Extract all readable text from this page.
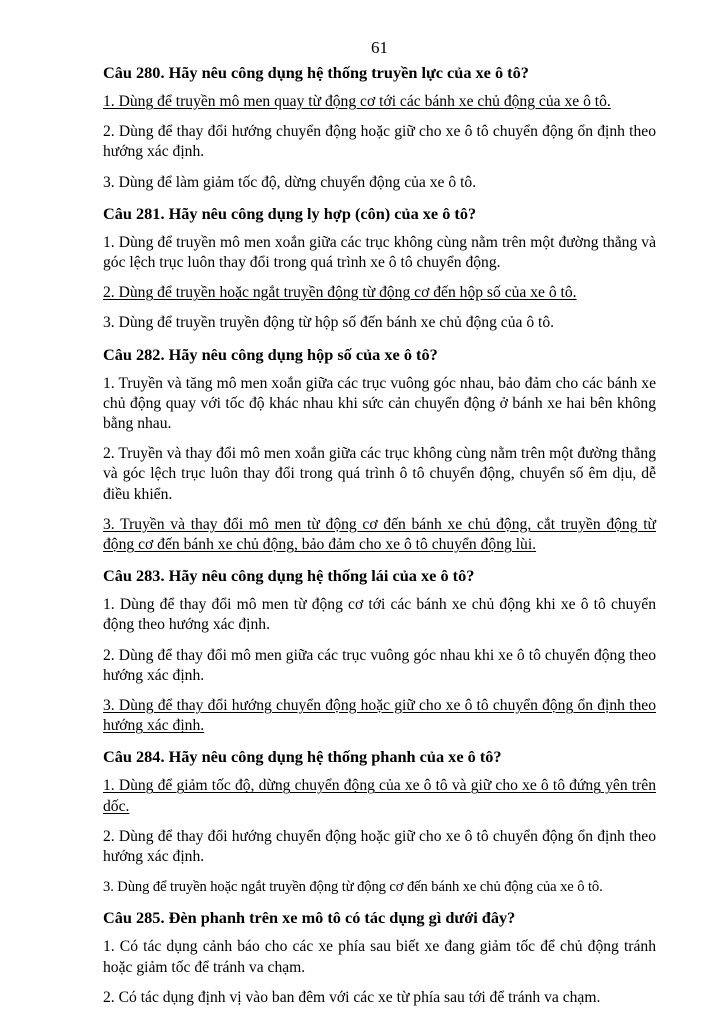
61
Câu 280. Hãy nêu công dụng hệ thống truyền lực của xe ô tô?
1. Dùng để truyền mô men quay từ động cơ tới các bánh xe chủ động của xe ô tô.
2. Dùng để thay đổi hướng chuyển động hoặc giữ cho xe ô tô chuyển động ổn định theo hướng xác định.
3. Dùng để làm giảm tốc độ, dừng chuyển động của xe ô tô.
Câu 281. Hãy nêu công dụng ly hợp (côn) của xe ô tô?
1. Dùng để truyền mô men xoắn giữa các trục không cùng nằm trên một đường thẳng và góc lệch trục luôn thay đổi trong quá trình xe ô tô chuyển động.
2. Dùng để truyền hoặc ngắt truyền động từ động cơ đến hộp số của xe ô tô.
3. Dùng để truyền truyền động từ hộp số đến bánh xe chủ động của ô tô.
Câu 282. Hãy nêu công dụng hộp số của xe ô tô?
1. Truyền và tăng mô men xoắn giữa các trục vuông góc nhau, bảo đảm cho các bánh xe chủ động quay với tốc độ khác nhau khi sức cản chuyển động ở bánh xe hai bên không bằng nhau.
2. Truyền và thay đổi mô men xoắn giữa các trục không cùng nằm trên một đường thẳng và góc lệch trục luôn thay đổi trong quá trình ô tô chuyển động, chuyển số êm dịu, dễ điều khiển.
3. Truyền và thay đổi mô men từ động cơ đến bánh xe chủ động, cắt truyền động từ động cơ đến bánh xe chủ động, bảo đảm cho xe ô tô chuyển động lùi.
Câu 283. Hãy nêu công dụng hệ thống lái của xe ô tô?
1. Dùng để thay đổi mô men từ động cơ tới các bánh xe chủ động khi xe ô tô chuyển động theo hướng xác định.
2. Dùng để thay đổi mô men giữa các trục vuông góc nhau khi xe ô tô chuyển động theo hướng xác định.
3. Dùng để thay đổi hướng chuyển động hoặc giữ cho xe ô tô chuyển động ổn định theo hướng xác định.
Câu 284. Hãy nêu công dụng hệ thống phanh của xe ô tô?
1. Dùng để giảm tốc độ, dừng chuyển động của xe ô tô và giữ cho xe ô tô đứng yên trên dốc.
2. Dùng để thay đổi hướng chuyển động hoặc giữ cho xe ô tô chuyển động ổn định theo hướng xác định.
3. Dùng để truyền hoặc ngắt truyền động từ động cơ đến bánh xe chủ động của xe ô tô.
Câu 285. Đèn phanh trên xe mô tô có tác dụng gì dưới đây?
1. Có tác dụng cảnh báo cho các xe phía sau biết xe đang giảm tốc để chủ động tránh hoặc giảm tốc để tránh va chạm.
2. Có tác dụng định vị vào ban đêm với các xe từ phía sau tới để tránh va chạm.
